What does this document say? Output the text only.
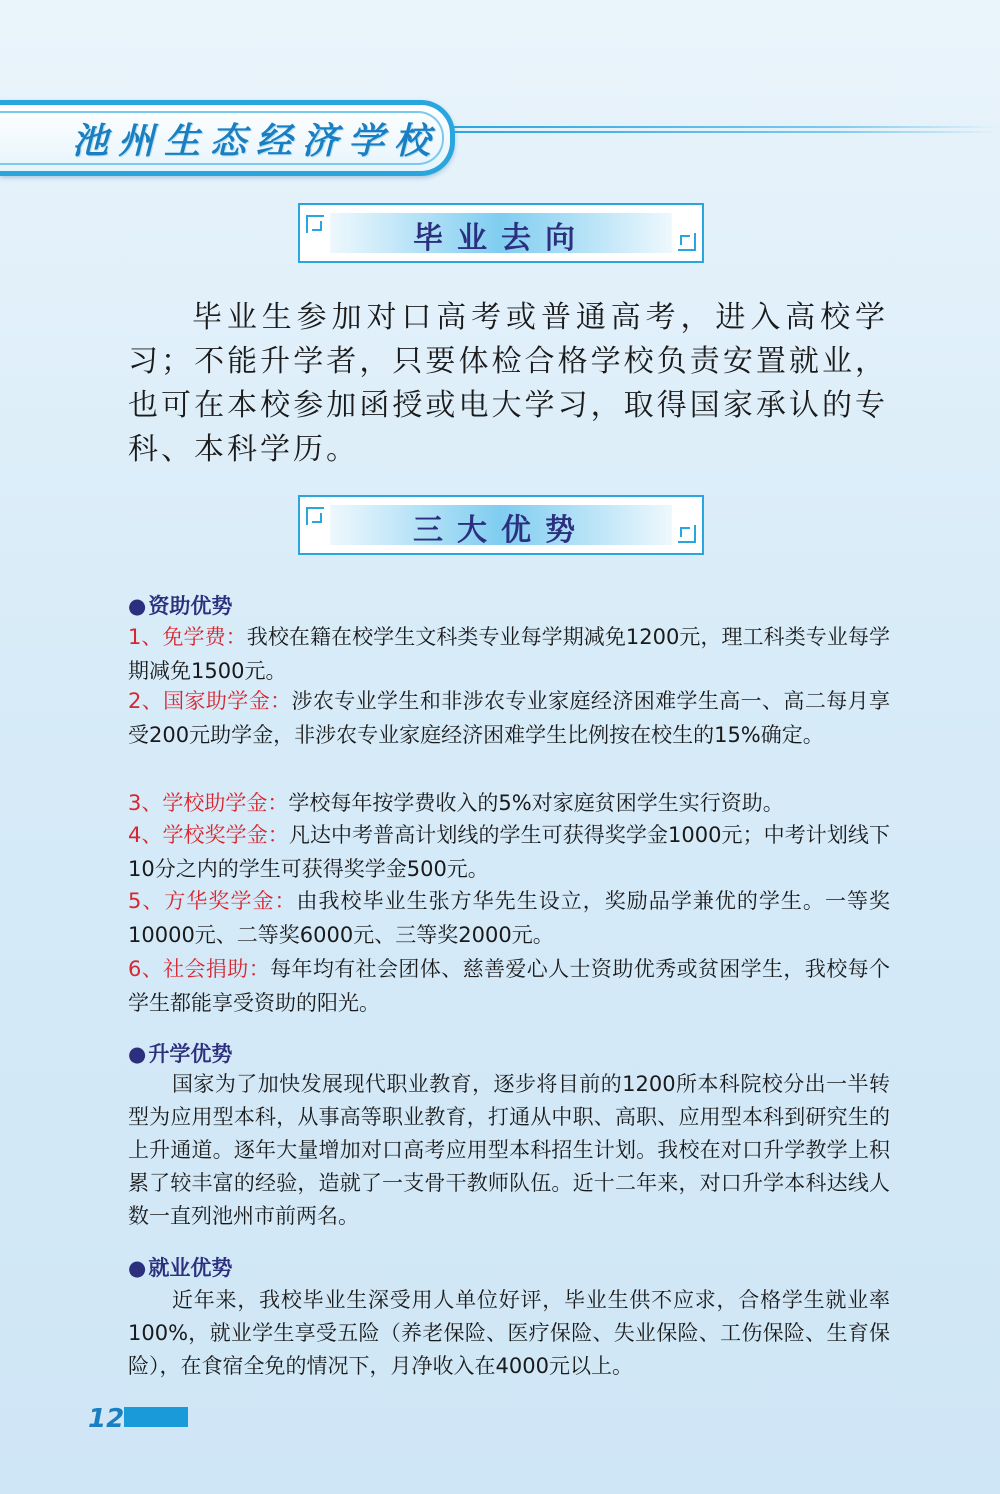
池州生态经济学校
毕业去向
毕业生参加对口高考或普通高考，进入高校学习；不能升学者，只要体检合格学校负责安置就业，也可在本校参加函授或电大学习，取得国家承认的专科、本科学历。
三大优势
●资助优势
1、免学费：我校在籍在校学生文科类专业每学期减免1200元，理工科类专业每学期减免1500元。
2、国家助学金：涉农专业学生和非涉农专业家庭经济困难学生高一、高二每月享受200元助学金，非涉农专业家庭经济困难学生比例按在校生的15%确定。
3、学校助学金：学校每年按学费收入的5%对家庭贫困学生实行资助。
4、学校奖学金：凡达中考普高计划线的学生可获得奖学金1000元；中考计划线下10分之内的学生可获得奖学金500元。
5、方华奖学金：由我校毕业生张方华先生设立，奖励品学兼优的学生。一等奖10000元、二等奖6000元、三等奖2000元。
6、社会捐助：每年均有社会团体、慈善爱心人士资助优秀或贫困学生，我校每个学生都能享受资助的阳光。
●升学优势
国家为了加快发展现代职业教育，逐步将目前的1200所本科院校分出一半转型为应用型本科，从事高等职业教育，打通从中职、高职、应用型本科到研究生的上升通道。逐年大量增加对口高考应用型本科招生计划。我校在对口升学教学上积累了较丰富的经验，造就了一支骨干教师队伍。近十二年来，对口升学本科达线人数一直列池州市前两名。
●就业优势
近年来，我校毕业生深受用人单位好评，毕业生供不应求，合格学生就业率100%，就业学生享受五险（养老保险、医疗保险、失业保险、工伤保险、生育保险），在食宿全免的情况下，月净收入在4000元以上。
12
